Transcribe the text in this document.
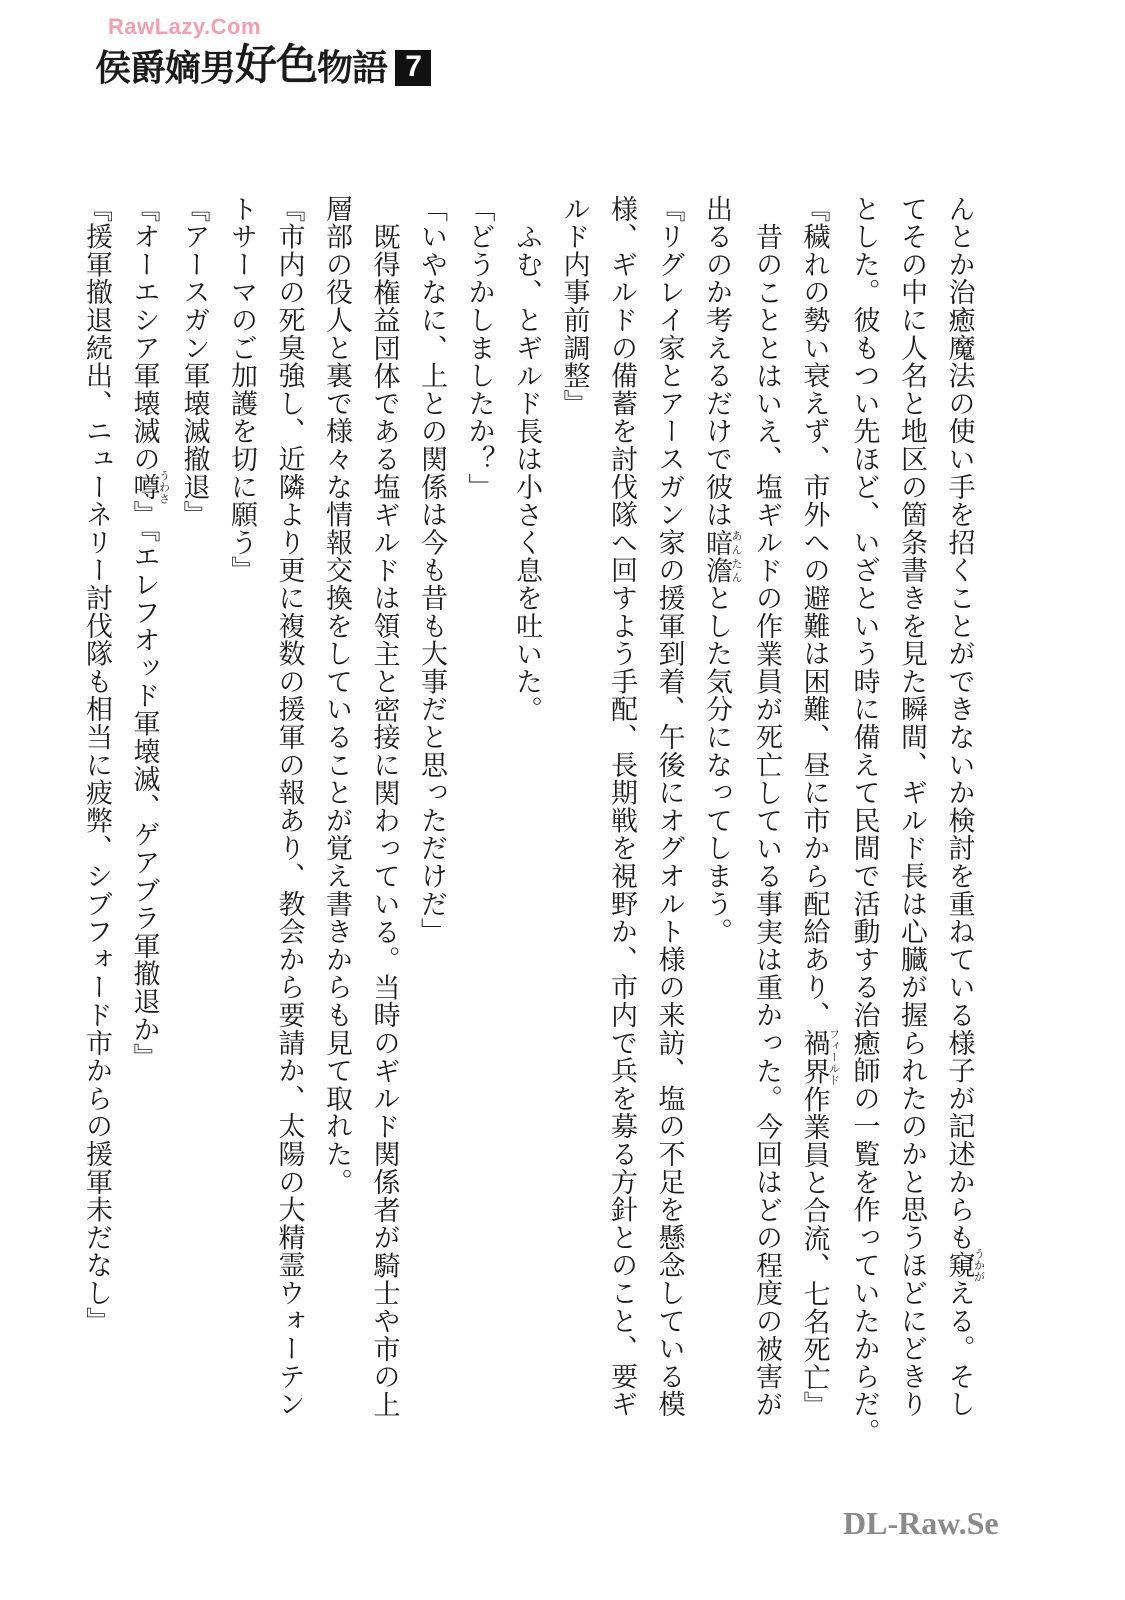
RawLazy.Com
侯爵嫡男 好色 物語 7
んとか治癒魔法の使い手を招くことができないか検討を重ねている様子が記述からも窺うかがえる。そし
てその中に人名と地区の箇条書きを見た瞬間、ギルド長は心臓が握られたのかと思うほどにどきり
とした。彼もつい先ほど、いざという時に備えて民間で活動する治癒師の一覧を作っていたからだ。
『穢れの勢い衰えず、市外への避難は困難、昼に市から配給あり、禍界フィールド作業員と合流、七名死亡』
昔のこととはいえ、塩ギルドの作業員が死亡している事実は重かった。今回はどの程度の被害が
出るのか考えるだけで彼は暗澹あんたんとした気分になってしまう。
『リグレイ家とアースガン家の援軍到着、午後にオグオルト様の来訪、塩の不足を懸念している模
様、ギルドの備蓄を討伐隊へ回すよう手配、長期戦を視野か、市内で兵を募る方針とのこと、要ギ
ルド内事前調整』
ふむ、とギルド長は小さく息を吐いた。
「どうかしましたか？」
「いやなに、上との関係は今も昔も大事だと思っただけだ」
既得権益団体である塩ギルドは領主と密接に関わっている。当時のギルド関係者が騎士や市の上
層部の役人と裏で様々な情報交換をしていることが覚え書きからも見て取れた。
『市内の死臭強し、近隣より更に複数の援軍の報あり、教会から要請か、太陽の大精霊ウォーテン
トサーマのご加護を切に願う』
『アースガン軍壊滅撤退』
『オーエシア軍壊滅の噂うわさ』『エレフオッド軍壊滅、ゲアブラ軍撤退か』
『援軍撤退続出、ニューネリー討伐隊も相当に疲弊、シブフォード市からの援軍未だなし』
DL-Raw.Se
